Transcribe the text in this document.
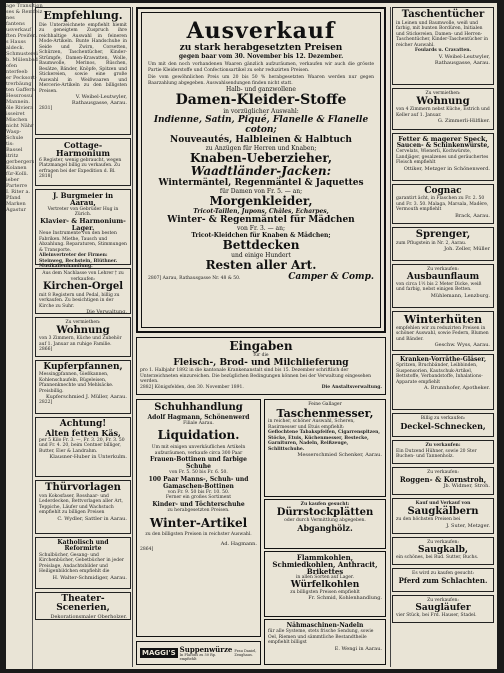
age Transition
ses & Remfeiz
nes
fantens
usverkauf
ften Preifen.
s Hauss
aldeck.
Schmusterei
b. Mülenbad
ofen
nterfeeb
er Pecksort-
trerbäung
ten Gaffern,
Hessrossu
Mannein.
öle Riviera
isseiret
Mischen
nicht Nähr
Wasp-
Schule
tis:
Bassel
itritz
gerbergers
Kolanen
für-Kolli.
ieber
Parterre
I. Riter a.
Pfand
Marken
Agastur
Empfehlung.
Die Unterzeichnete empfiehlt hiemit zu geneigtem Zuspruch ihre reichhaltige Auswahl in feineren Mode-Artikeln. Bunte Handschuhe in Seide und Zwirn, Corsetten, Schürzen, Taschentücher, Kinder-Strümpfe, Damen-Krawatten, Wolle, Baumwolle, Merinos, Rüschen, Besätze, Bänder, Knöpfe, Spitzen und Stickereien, sowie eine große Auswahl in Weißwaaren und Mercerie-Artikeln zu den billigsten Preisen.
V. Weibel-Leutwyler, Rathausgasse, Aarau.
2831]
Cottage-Harmonium
6 Register, wenig gebraucht, wegen Platzmangel billig zu verkaufen. Zu erfragen bei der Expedition d. Bl.
2818]
J. Burgmeier in Aarau,
Vertreter von Gebrüder Hug in Zürich.
Klavier- & Harmonium-Lager.
Neue Instrumente von den besten Fabriken. Miethe, Tausch und Abzahlung. Reparaturen, Stimmungen & Transporte.
Alleinvertreter der Firmen: Steinweg, Bechstein, Blüthner. Musikalienhandlung.
Aus dem Nachlasse von Lehrer † zu verkaufen:
Kirchen-Orgel
mit 8 Registern und Pedal, billig zu verkaufen. Zu besichtigen in der Kirche zu Suhr.
Die Verwaltung.
Zu vermiethen:
Wohnung
von 3 Zimmern, Küche und Zubehör auf 1. Januar an ruhige Familie.
2866]
Kupferpfannen,
Messingpfannen, Gießkannen, Kohlenschaufeln, Bügeleisen, Pfannenknechte und Mehlsäcke. Preisbillig.
Kupferschmied J. Müller, Aarau.
2822]
Achtung!
Alten fetten Käs,
per 5 Kilo Fr. 3. —, Fr. 3. 20, Fr. 3. 50 und Fr. 4. 20, beim Centner billiger, Butter, Eier & Landrahm.
Klausner-Huber in Unterkulm.
Thürvorlagen
von Kokosfaser, Rosshaar- und Lederdecken, Bettvorlagen aller Art, Teppiche, Läufer und Wachstuch empfiehlt zu billigen Preisen
C. Wydler, Sattler in Aarau.
Katholisch und Reformirte
Schulbücher, Gesang- und Kirchenbücher, Gebetbücher in jeder Preislage, Andachtsbilder und Heiligenbildchen empfiehlt die
H. Walter-Schmidiger, Aarau.
Theater-Scenerien,
Dekorationsmaler Oberholzer.
Ausverkauf
zu stark herabgesetzten Preisen
gegen baar vom 30. November bis 12. Dezember.
Um mit den noch vorhandenen Waaren gänzlich aufzuräumen, verkaufen wir auch die grösste Partie Kleiderstoffe und Confectionsartikel zu sehr reduzirten Preisen.
Die vom gewöhnlichen Preis um 20 bis 50 % herabgesetzten Waaren werden nur gegen Baarzahlung abgegeben. Auswahlsendungen finden nicht statt.
Halb- und ganzwollene
Damen-Kleider-Stoffe
in vorzüglicher Auswahl:
Indienne, Satin, Piqué, Flanelle & Flanelle coton;
Nouveautés, Halbleinen & Halbtuch
zu Anzügen für Herren und Knaben;
Knaben-Ueberzieher,
Waadtländer-Jacken:
Wintermäntel, Regenmäntel & Jaquettes
für Damen von Fr. 5. — an;
Morgenkleider,
Tricot-Taillen, Jupons, Châles, Echarpes,
Winter- & Regenmäntel für Mädchen
von Fr. 3. — an;
Tricot-Kleidchen für Knaben & Mädchen;
Bettdecken
und einige Hundert
Resten aller Art.
2807] Aarau, Rathausgasse Nr. 48 & 50.	Camper & Comp.
Eingaben
für die
Fleisch-, Brod- und Milchlieferung
pro 1. Halbjahr 1892 in die kantonale Krankenanstalt sind bis 15. Dezember schriftlich der Unterzeichneten einzureichen. Die bezüglichen Bedingungen können bei der Verwaltung eingesehen werden.
2882] Königsfelden, den 30. November 1891.	Die Anstaltsverwaltung.
Schuhhandlung
Adolf Hagmann, Schönenwerd
Filiale Aarau.
Liquidation.
Um mit einigen unverkäuflichen Artikeln aufzuräumen, verkaufe circa 300 Paar
Frauen-Bottinen und farbige Schuhe
von Fr. 5. 50 bis Fr. 6. 50.
100 Paar Manns-, Schuh- und Gamaschen-Bottinen
von Fr. 9. 50 bis Fr. 10. 50.
Ferner ein großes Sortiment
Kinder- und Töchterschuhe
zu herabgesetzten Preisen.
Winter-Artikel
zu den billigsten Preisen in reichster Auswahl.
Ad. Hagmann.
2864]
MAGGI'S Suppenwürze
In Flacons zu 50 Rp. empfiehlt
Frau Daniel, Zeughaus.
Feine Gallager
Taschenmesser,
in reicher, schöner Auswahl, Scheren, Rasirmesser und Etuis empfiehlt:
Geflochtene Tabakspfeifen, Cigarrenspitzen, Stöcke, Etuis, Küchenmesser, Bestecke, Garnituren, Nadeln, Reißzeuge, Schlittschuhe.
Messerschmied Schenker, Aarau.
Zu kaufen gesucht:
Dürrstockplätten
oder durch Vermittlung abgegeben.
Abganghölz.
Flammkohlen, Schmiedkohlen, Anthracit, Brikettes
in allen Sorten auf Lager.
Würfelkohlen
zu billigsten Preisen empfiehlt
Fr. Schmid, Kohlenhandlung.
Nähmaschinen-Nadeln
für alle Systeme, stets frische Sendung, sowie Oel, Riemen und sämmtliche Bestandtheile empfiehlt billigst
E. Wengi in Aarau.
Taschentücher
in Leinen und Baumwolle, weiß und farbig, mit bunten Bordüren, Initialen und Stickereien, Damen- und Herren-Taschentücher, Kinder-Taschentücher in reicher Auswahl.
Foulards u. Cravatten.
V. Weibel-Leutwyler,
Rathausgasse, Aarau.
Zu vermiethen:
Wohnung
von 4 Zimmern nebst Küche, Estrich und Keller auf 1. Januar.
G. Zimmerli-Hilfiker.
Fetter & magerer Speck,
Saucen- & Schinkenwürste,
Cervelats, Wienerli, Kochwürste, Landjäger, gesalzenes und geräuchertes Fleisch empfiehlt
Ottiker, Metzger in Schönenwerd.
Cognac
garantirt ächt, in Flaschen zu Fr. 2. 50 und Fr. 3. 50. Malaga, Marsala, Madère, Vermouth empfiehlt
Brack, Aarau.
Sprenger,
zum Pflugstein in Nr. 2, Aarau.
Joh. Zeller, Müller
Zu verkaufen:
Ausbaunflaum
von circa 1½ bis 2 Meter Dicke, weiß und farbig, nebst einigen Betten.
Mühlemann, Lenzburg.
Winterhüten
empfehlen wir zu reduzirten Preisen in schöner Auswahl, sowie Federn, Blumen und Bänder.
Geschw. Wyss, Aarau.
Kranken-Vorräthe-Gläser,
Spritzen, Bruchbänder, Leibbinden, Suspensorien, Kautschuk-Artikel, Bettstoffe, Verbandstoffe, Inhalations-Apparate empfiehlt
A. Brunnhofer, Apotheker.
Billig zu verkaufen:
Deckel-Schnecken,
Zu verkaufen:
Ein Dutzend Hühner, sowie 20 Ster Buchen- und Tannenholz.
Zu verkaufen:
Roggen- & Kornstroh,
Jb. Widmer, Stroh.
Kauf und Verkauf von
Saugkälbern
zu den höchsten Preisen bei
J. Suter, Metzger.
Zu verkaufen:
Saugkalb,
ein schönes, bei Rud. Sutter, Buchs.
Es wird zu kaufen gesucht:
Pferd zum Schlachten.
Zu verkaufen:
Saugläufer
vier Stück, bei Frd. Hauser, Stadel.
